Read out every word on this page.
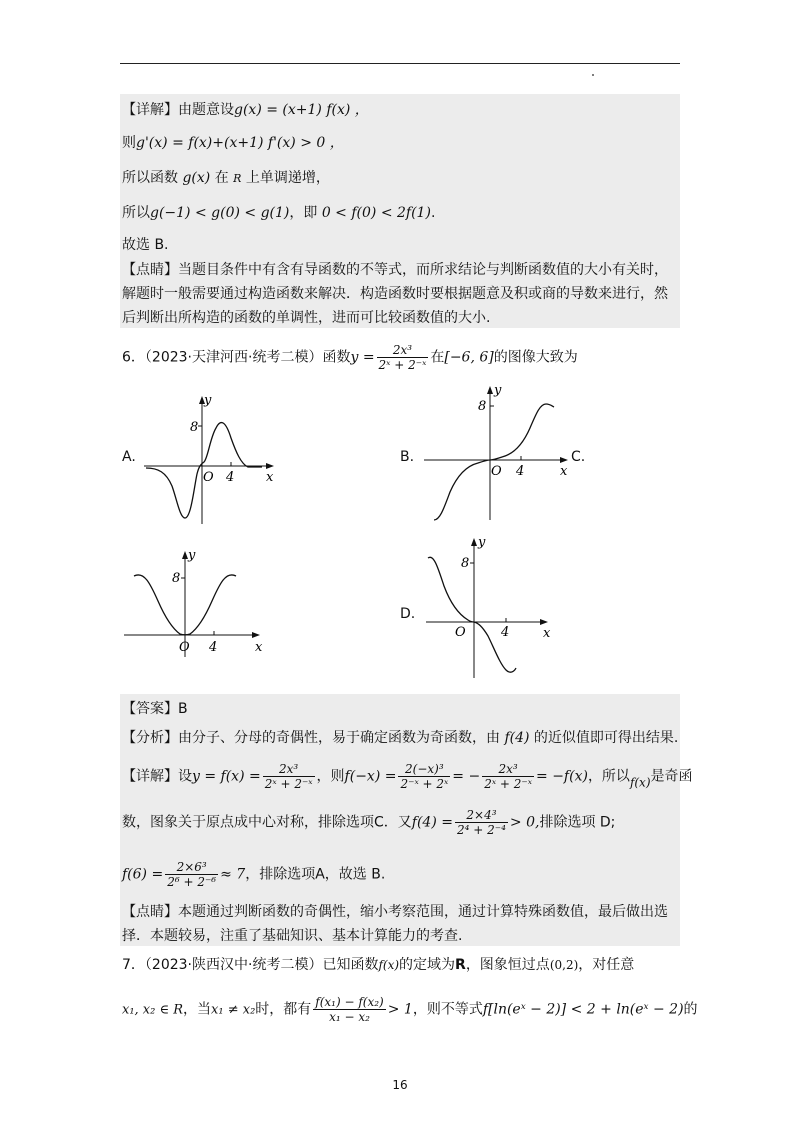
【详解】由题意设g(x) = (x+1) f(x) ，
则g'(x) = f(x)+(x+1) f'(x) > 0 ，
所以函数 g(x) 在 R 上单调递增，
所以g(−1) < g(0) < g(1)，即 0 < f(0) < 2f(1).
故选 B.
【点睛】当题目条件中有含有导函数的不等式，而所求结论与判断函数值的大小有关时，
解题时一般需要通过构造函数来解决．构造函数时要根据题意及积或商的导数来进行，然
后判断出所构造的函数的单调性，进而可比较函数值的大小.
6．（2023·天津河西·统考二模）函数$y = \frac{\text{2x³}}{\text{2ˣ + 2⁻ˣ}}$ 在[−6, 6]的图像大致为
A.	B.	C.
D.
y
x
8
O 4
y
x
8
O 4
y
x
8
O 4
y
x
8
O	4
【答案】B
【分析】由分子、分母的奇偶性，易于确定函数为奇函数，由 f(4) 的近似值即可得出结果.
【详解】设$y = f(x) = \frac{\text{2x³}}{\text{2ˣ + 2⁻ˣ}}$ ，则$f(-x) = \frac{\text{2(−x)³}}{\text{2⁻ˣ + 2ˣ}}$ = − $\frac{\text{2x³}}{\text{2ˣ + 2⁻ˣ}} = -f(x)$，所以f(x)是奇函
数，图象关于原点成中心对称，排除选项C．又$f(4) = \frac{\text{2×4³}}{\text{2⁴ + 2⁻⁴}} > 0$,排除选项 D;
$f(6) = \frac{\text{2×6³}}{\text{2⁶ + 2⁻⁶}} \approx 7$，排除选项A，故选 B.
【点睛】本题通过判断函数的奇偶性，缩小考察范围，通过计算特殊函数值，最后做出选
择．本题较易，注重了基础知识、基本计算能力的考查.
7．（2023·陕西汉中·统考二模）已知函数f(x)的定域为R，图象恒过点(0,2)，对任意
x₁, x₂ ∈ R，当x₁ ≠ x₂时，都有 $\frac{\text{f(x₁) − f(x₂)}}{\text{x₁ − x₂}} > 1$，则不等式f[ln(eˣ − 2)] < 2 + ln(eˣ − 2)的
16
